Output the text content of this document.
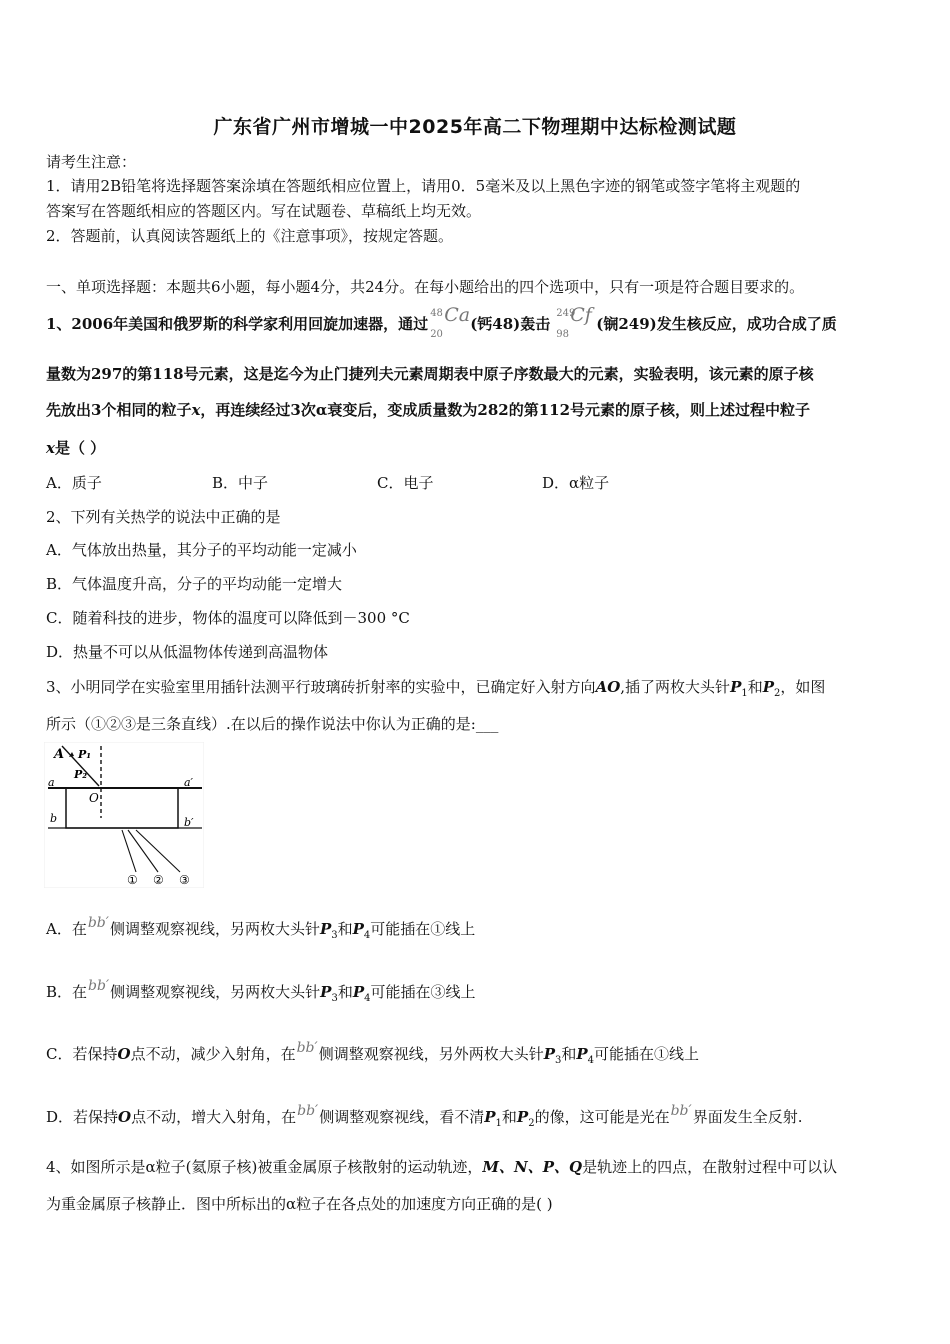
广东省广州市增城一中2025年高二下物理期中达标检测试题
请考生注意：
1．请用2B铅笔将选择题答案涂填在答题纸相应位置上，请用0．5毫米及以上黑色字迹的钢笔或签字笔将主观题的
答案写在答题纸相应的答题区内。写在试题卷、草稿纸上均无效。
2．答题前，认真阅读答题纸上的《注意事项》，按规定答题。
一、单项选择题：本题共6小题，每小题4分，共24分。在每小题给出的四个选项中，只有一项是符合题目要求的。
1、2006年美国和俄罗斯的科学家利用回旋加速器，通过
48
20
Ca (钙48)轰击
249
98
Cf (锎249)发生核反应，成功合成了质
量数为297的第118号元素，这是迄今为止门捷列夫元素周期表中原子序数最大的元素，实验表明，该元素的原子核
先放出3个相同的粒子x，再连续经过3次α衰变后，变成质量数为282的第112号元素的原子核，则上述过程中粒子
x是（ ）
A．质子	B．中子	C．电子	D．α粒子
2、下列有关热学的说法中正确的是
A．气体放出热量，其分子的平均动能一定减小
B．气体温度升高，分子的平均动能一定增大
C．随着科技的进步，物体的温度可以降低到－300 °C
D．热量不可以从低温物体传递到高温物体
3、小明同学在实验室里用插针法测平行玻璃砖折射率的实验中，已确定好入射方向AO,插了两枚大头针$P_1$和$P_2$，如图
所示（①②③是三条直线）.在以后的操作说法中你认为正确的是:___
A P₁
P₂
O
a	a′
b	b′
① ② ③
A．在bb′侧调整观察视线，另两枚大头针$P_3$和$P_4$可能插在①线上
B．在bb′侧调整观察视线，另两枚大头针$P_3$和$P_4$可能插在③线上
C．若保持O点不动，减少入射角，在bb′侧调整观察视线，另外两枚大头针$P_3$和$P_4$可能插在①线上
D．若保持O点不动，增大入射角，在bb′侧调整观察视线，看不清$P_1$和$P_2$的像，这可能是光在bb′界面发生全反射.
4、如图所示是α粒子(氦原子核)被重金属原子核散射的运动轨迹，M、N、P、Q是轨迹上的四点，在散射过程中可以认
为重金属原子核静止．图中所标出的α粒子在各点处的加速度方向正确的是( )
